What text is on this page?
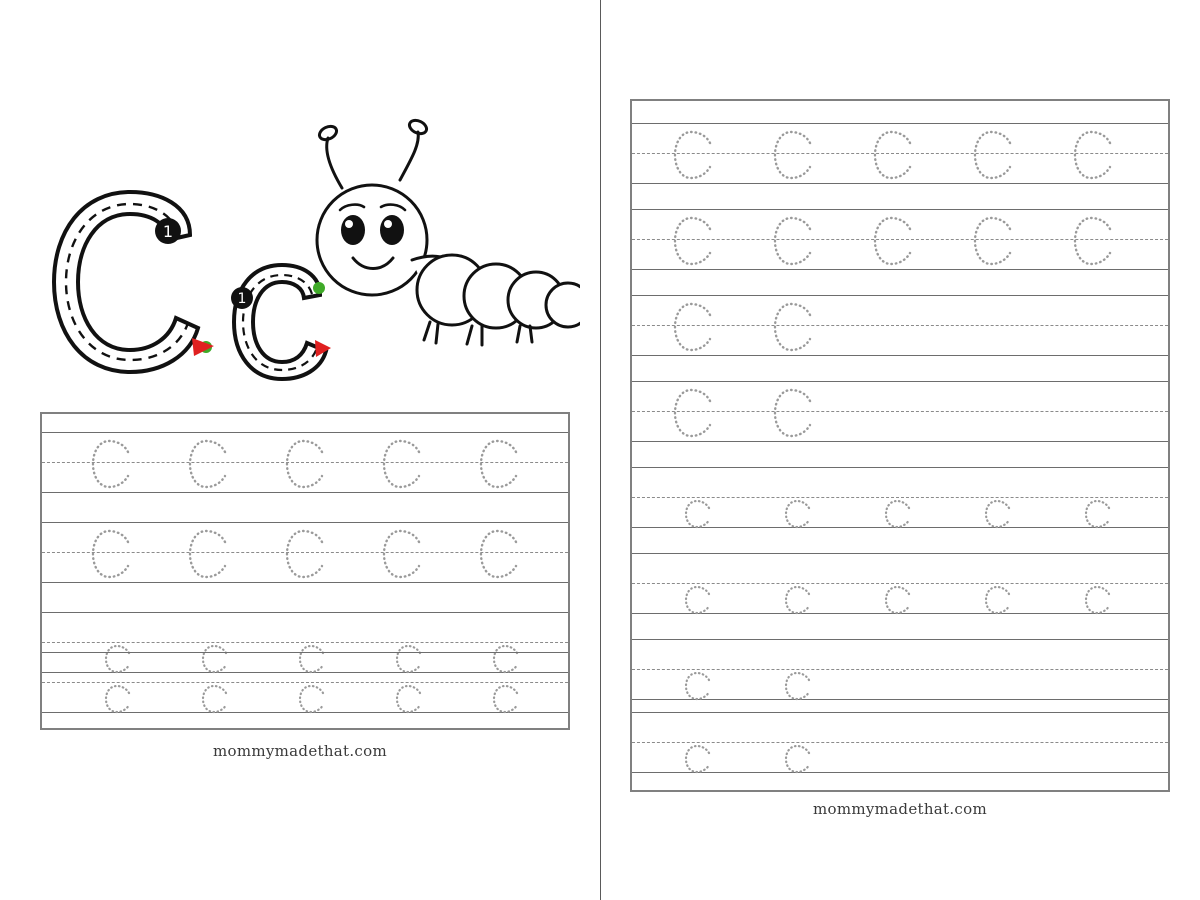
1
1
mommymadethat.com
mommymadethat.com
